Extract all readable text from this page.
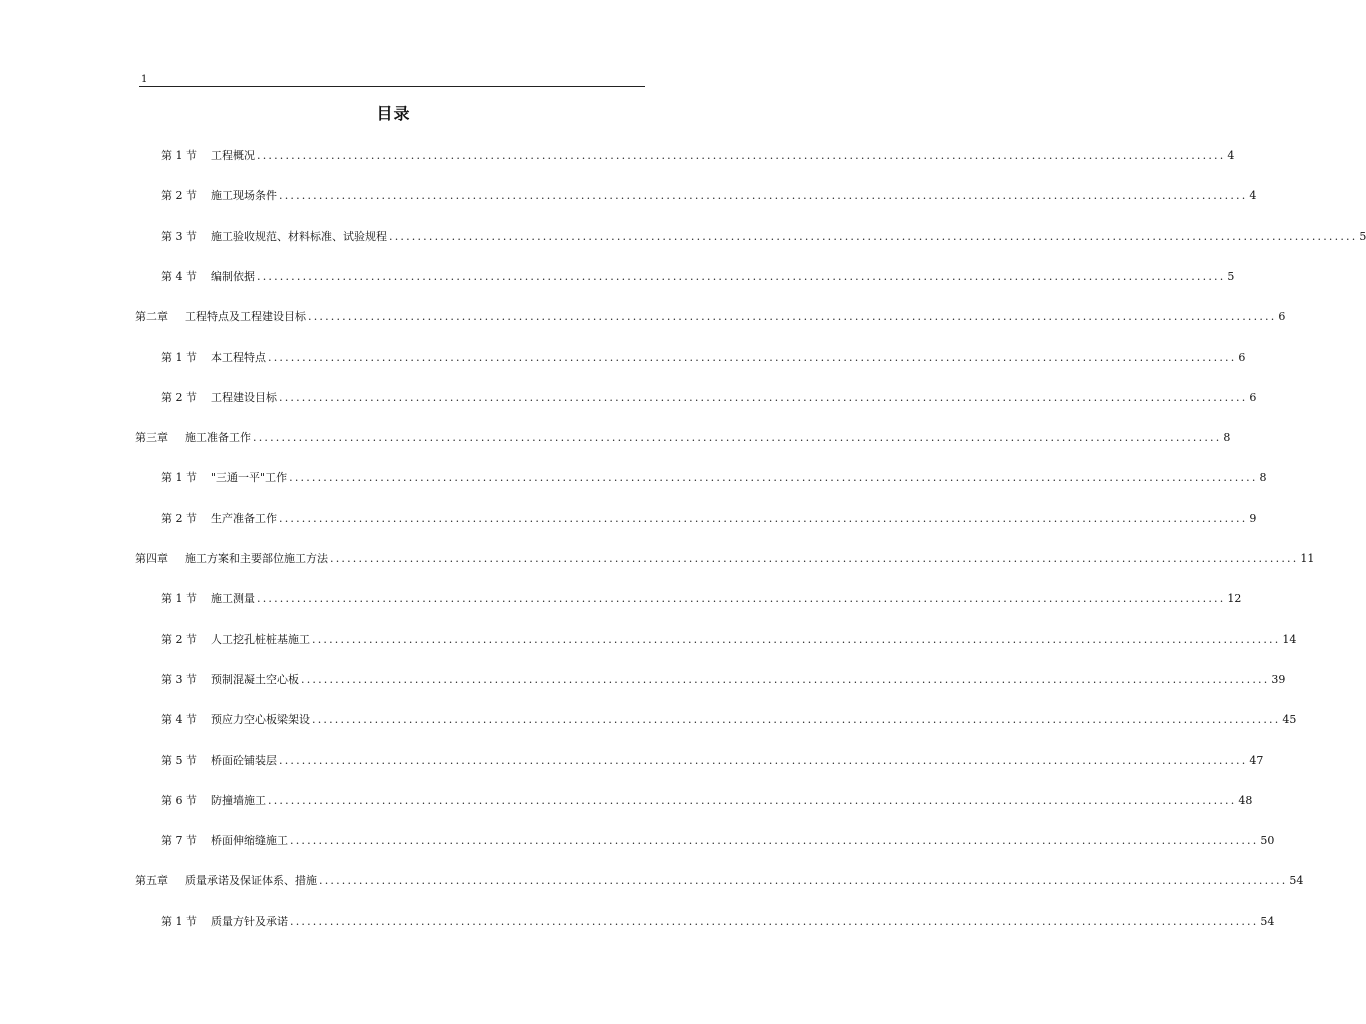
1
目录
第 1 节	工程概况 .......................................................................................................................................................................... 4
第 2 节	施工现场条件 .......................................................................................................................................................................... 4
第 3 节	施工验收规范、材料标准、试验规程 .......................................................................................................................................................................... 5
第 4 节	编制依据 .......................................................................................................................................................................... 5
第二章	工程特点及工程建设目标 .......................................................................................................................................................................... 6
第 1 节	本工程特点 .......................................................................................................................................................................... 6
第 2 节	工程建设目标 .......................................................................................................................................................................... 6
第三章	施工准备工作 .......................................................................................................................................................................... 8
第 1 节	"三通一平"工作 .......................................................................................................................................................................... 8
第 2 节	生产准备工作 .......................................................................................................................................................................... 9
第四章	施工方案和主要部位施工方法 .......................................................................................................................................................................... 11
第 1 节	施工测量 .......................................................................................................................................................................... 12
第 2 节	人工挖孔桩桩基施工 .......................................................................................................................................................................... 14
第 3 节	预制混凝土空心板 .......................................................................................................................................................................... 39
第 4 节	预应力空心板梁架设 .......................................................................................................................................................................... 45
第 5 节	桥面砼铺装层 .......................................................................................................................................................................... 47
第 6 节	防撞墙施工 .......................................................................................................................................................................... 48
第 7 节	桥面伸缩缝施工 .......................................................................................................................................................................... 50
第五章	质量承诺及保证体系、措施 .......................................................................................................................................................................... 54
第 1 节	质量方针及承诺 .......................................................................................................................................................................... 54
